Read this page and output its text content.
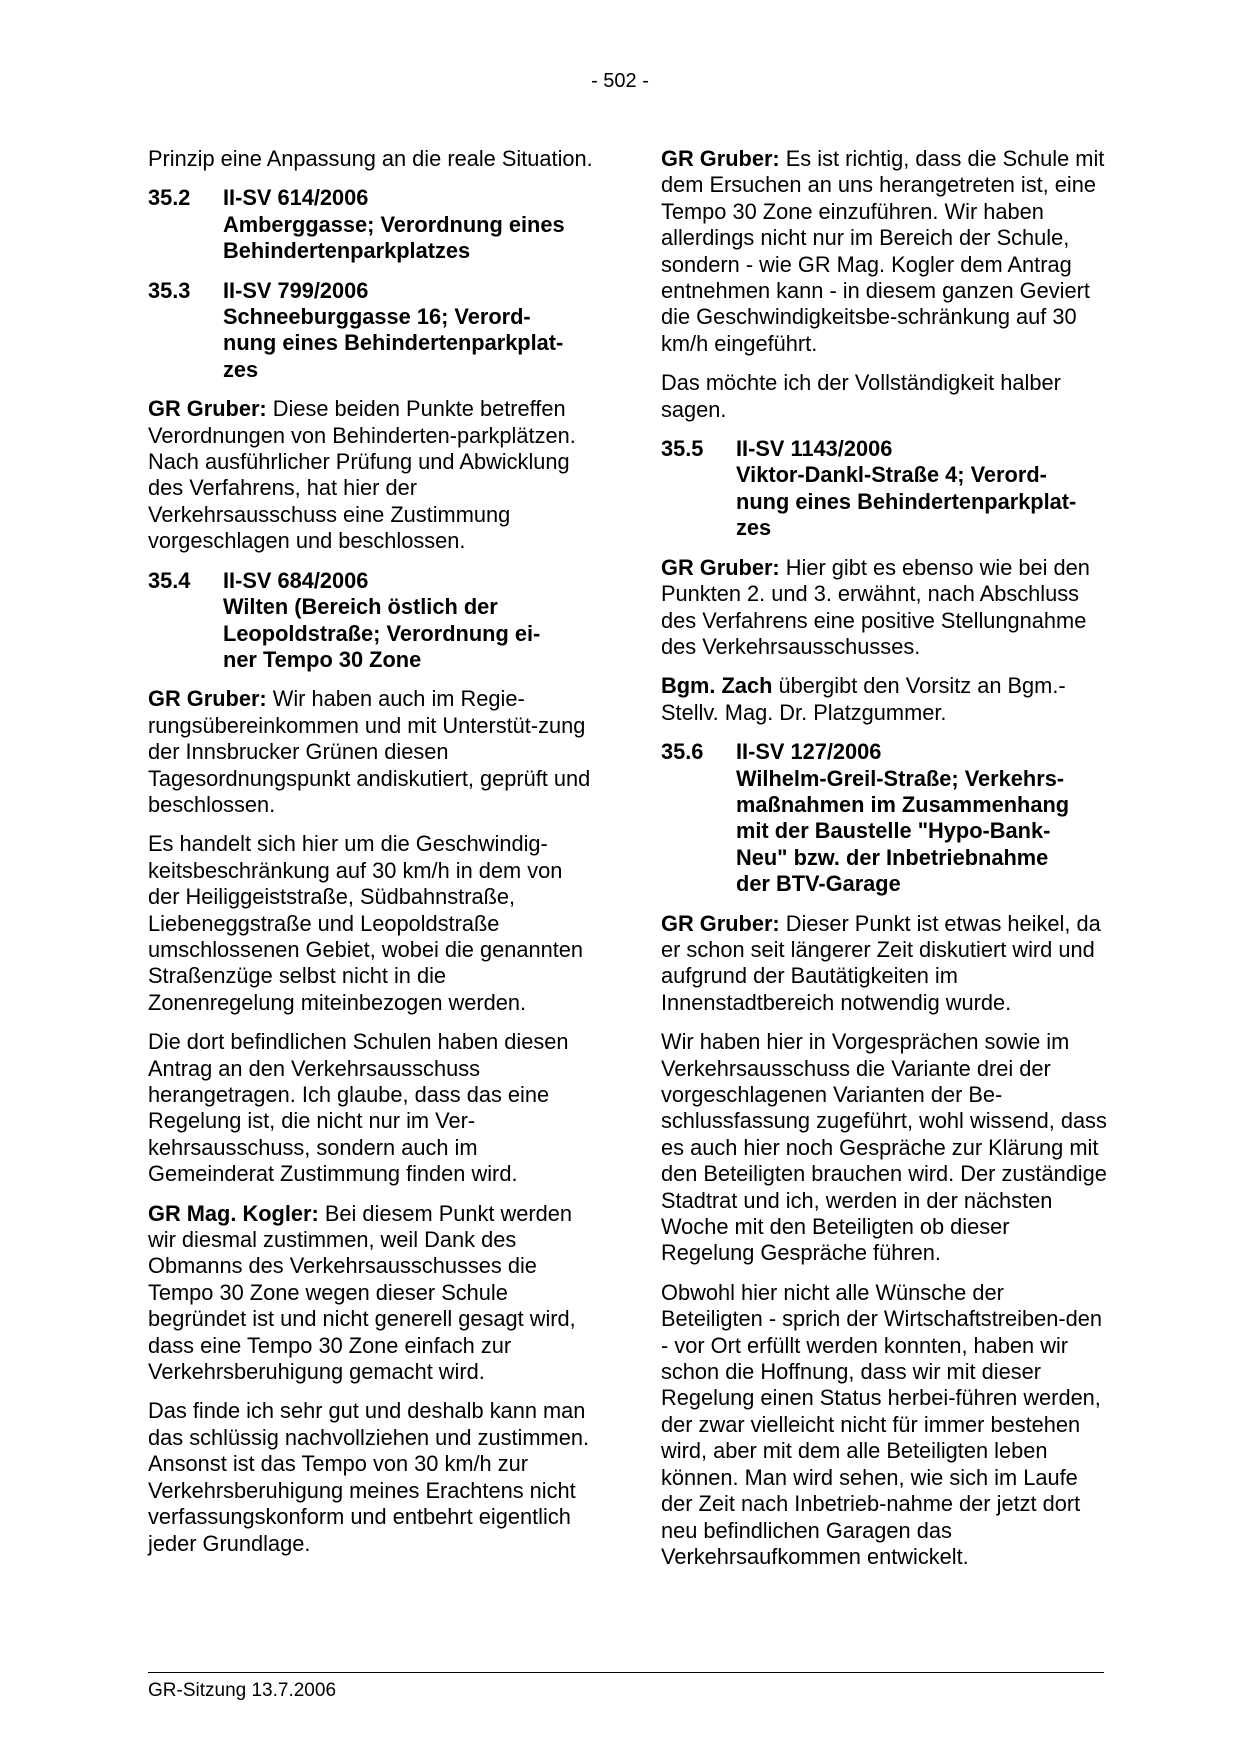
- 502 -

Prinzip eine Anpassung an die reale Situation.

35.2	II-SV 614/2006
Amberggasse; Verordnung eines
Behindertenparkplatzes
35.3	II-SV 799/2006
Schneeburggasse 16; Verord-
nung eines Behindertenparkplat-
zes

GR Gruber: Diese beiden Punkte betreffen Verordnungen von Behinderten-parkplätzen. Nach ausführlicher Prüfung und Abwicklung des Verfahrens, hat hier der Verkehrsausschuss eine Zustimmung vorgeschlagen und beschlossen.

35.4	II-SV 684/2006
Wilten (Bereich östlich der
Leopoldstraße; Verordnung ei-
ner Tempo 30 Zone

GR Gruber: Wir haben auch im Regie-rungsübereinkommen und mit Unterstüt-zung der Innsbrucker Grünen diesen Tagesordnungspunkt andiskutiert, geprüft und beschlossen.

Es handelt sich hier um die Geschwindig-keitsbeschränkung auf 30 km/h in dem von der Heiliggeiststraße, Südbahnstraße, Liebeneggstraße und Leopoldstraße umschlossenen Gebiet, wobei die genannten Straßenzüge selbst nicht in die Zonenregelung miteinbezogen werden.

Die dort befindlichen Schulen haben diesen Antrag an den Verkehrsausschuss herangetragen. Ich glaube, dass das eine Regelung ist, die nicht nur im Ver-kehrsausschuss, sondern auch im Gemeinderat Zustimmung finden wird.

GR Mag. Kogler: Bei diesem Punkt werden wir diesmal zustimmen, weil Dank des Obmanns des Verkehrsausschusses die Tempo 30 Zone wegen dieser Schule begründet ist und nicht generell gesagt wird, dass eine Tempo 30 Zone einfach zur Verkehrsberuhigung gemacht wird.

Das finde ich sehr gut und deshalb kann man das schlüssig nachvollziehen und zustimmen. Ansonst ist das Tempo von 30 km/h zur Verkehrsberuhigung meines Erachtens nicht verfassungskonform und entbehrt eigentlich jeder Grundlage.

GR Gruber: Es ist richtig, dass die Schule mit dem Ersuchen an uns herangetreten ist, eine Tempo 30 Zone einzuführen. Wir haben allerdings nicht nur im Bereich der Schule, sondern - wie GR Mag. Kogler dem Antrag entnehmen kann - in diesem ganzen Geviert die Geschwindigkeitsbe-schränkung auf 30 km/h eingeführt.

Das möchte ich der Vollständigkeit halber sagen.

35.5	II-SV 1143/2006
Viktor-Dankl-Straße 4; Verord-
nung eines Behindertenparkplat-
zes

GR Gruber: Hier gibt es ebenso wie bei den Punkten 2. und 3. erwähnt, nach Abschluss des Verfahrens eine positive Stellungnahme des Verkehrsausschusses.

Bgm. Zach übergibt den Vorsitz an Bgm.-Stellv. Mag. Dr. Platzgummer.

35.6	II-SV 127/2006
Wilhelm-Greil-Straße; Verkehrs-
maßnahmen im Zusammenhang
mit der Baustelle "Hypo-Bank-
Neu" bzw. der Inbetriebnahme
der BTV-Garage

GR Gruber: Dieser Punkt ist etwas heikel, da er schon seit längerer Zeit diskutiert wird und aufgrund der Bautätigkeiten im Innenstadtbereich notwendig wurde.

Wir haben hier in Vorgesprächen sowie im Verkehrsausschuss die Variante drei der vorgeschlagenen Varianten der Be-schlussfassung zugeführt, wohl wissend, dass es auch hier noch Gespräche zur Klärung mit den Beteiligten brauchen wird. Der zuständige Stadtrat und ich, werden in der nächsten Woche mit den Beteiligten ob dieser Regelung Gespräche führen.

Obwohl hier nicht alle Wünsche der Beteiligten - sprich der Wirtschaftstreiben-den - vor Ort erfüllt werden konnten, haben wir schon die Hoffnung, dass wir mit dieser Regelung einen Status herbei-führen werden, der zwar vielleicht nicht für immer bestehen wird, aber mit dem alle Beteiligten leben können. Man wird sehen, wie sich im Laufe der Zeit nach Inbetrieb-nahme der jetzt dort neu befindlichen Garagen das Verkehrsaufkommen entwickelt.

GR-Sitzung 13.7.2006
